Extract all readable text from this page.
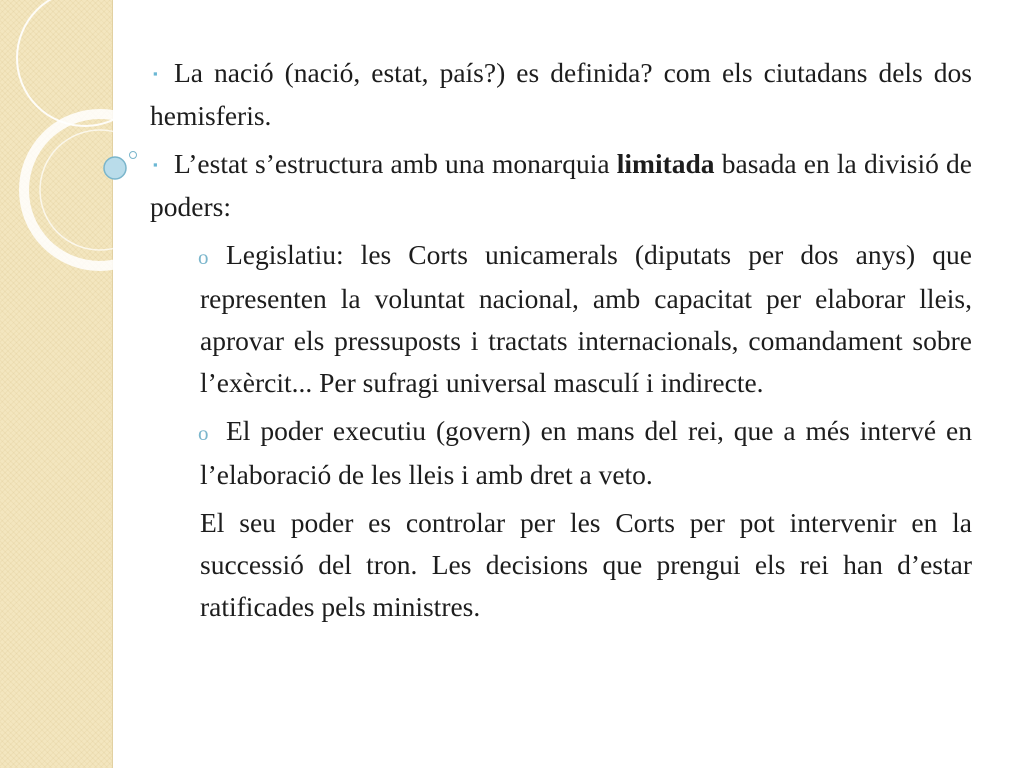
▪ La nació (nació, estat, país?) es definida? com els ciutadans dels dos hemisferis.

▪ L’estat s’estructura amb una monarquia limitada basada en la divisió de poders:

o Legislatiu: les Corts unicamerals (diputats per dos anys) que representen la voluntat nacional, amb capacitat per elaborar lleis, aprovar els pressuposts i tractats internacionals, comandament sobre l’exèrcit... Per sufragi universal masculí i indirecte.

o El poder executiu (govern) en mans del rei, que a més intervé en l’elaboració de les lleis i amb dret a veto.

El seu poder es controlar per les Corts per pot intervenir en la successió del tron. Les decisions que prengui els rei han d’estar ratificades pels ministres.
